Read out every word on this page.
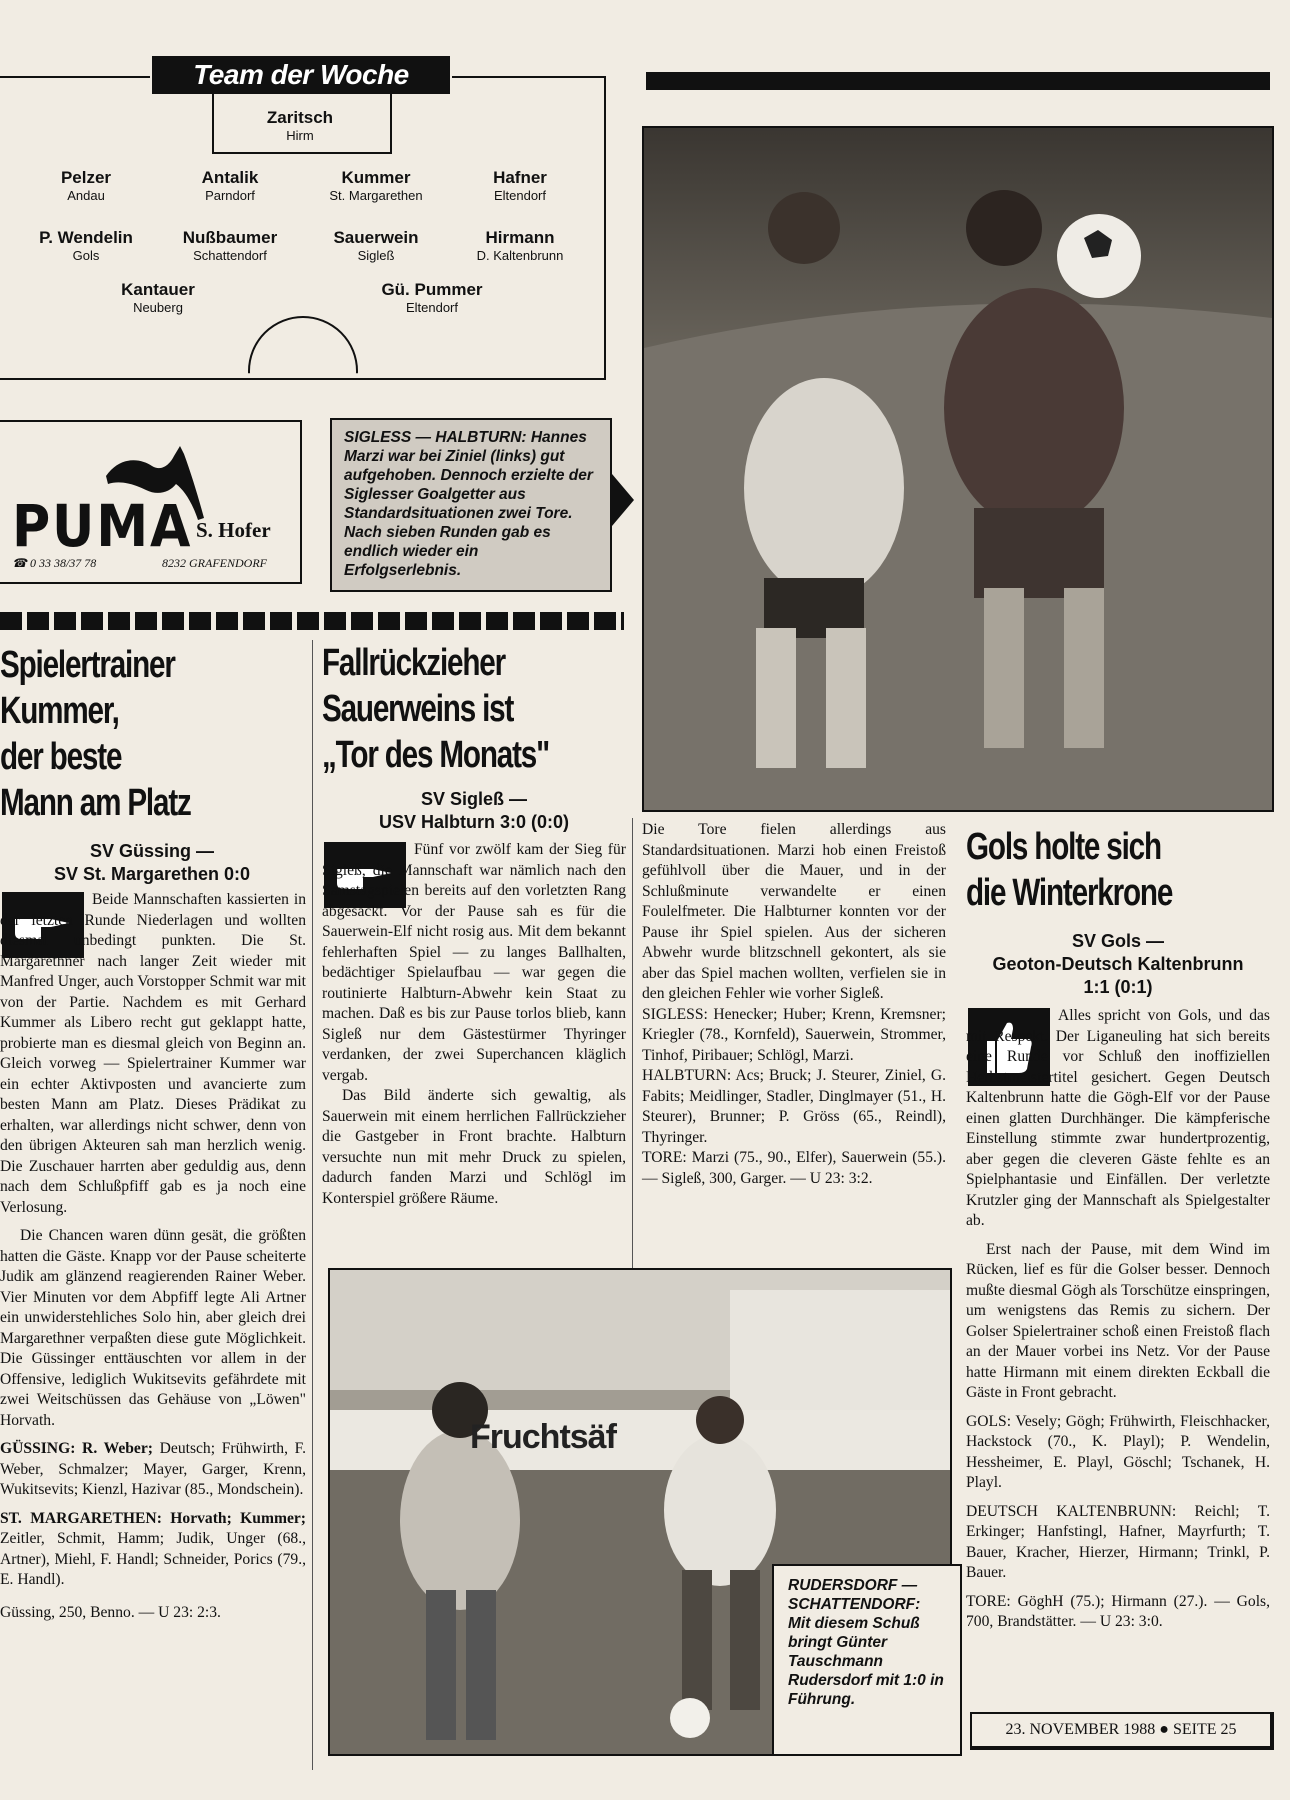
Team der Woche
Zaritsch
Hirm
Pelzer
Andau
Antalik
Parndorf
Kummer
St. Margarethen
Hafner
Eltendorf
P. Wendelin
Gols
Nußbaumer
Schattendorf
Sauerwein
Sigleß
Hirmann
D. Kaltenbrunn
Kantauer
Neuberg
Gü. Pummer
Eltendorf
PUMA S. Hofer
☎ 0 33 38/37 78	8232 GRAFENDORF
SIGLESS — HALBTURN: Hannes Marzi war bei Ziniel (links) gut aufgehoben. Dennoch erzielte der Siglesser Goalgetter aus Standardsituationen zwei Tore. Nach sieben Runden gab es endlich wieder ein Erfolgserlebnis.
Spielertrainer
Kummer,
der beste
Mann am Platz
SV Güssing —
SV St. Margarethen 0:0

Beide Mannschaften kassierten in der letzten Runde Niederlagen und wollten diesmal unbedingt punkten. Die St. Margarethner nach langer Zeit wieder mit Manfred Unger, auch Vorstopper Schmit war mit von der Partie. Nachdem es mit Gerhard Kummer als Libero recht gut geklappt hatte, probierte man es diesmal gleich von Beginn an. Gleich vorweg — Spielertrainer Kummer war ein echter Aktivposten und avancierte zum besten Mann am Platz. Dieses Prädikat zu erhalten, war allerdings nicht schwer, denn von den übrigen Akteuren sah man herzlich wenig. Die Zuschauer harrten aber geduldig aus, denn nach dem Schlußpfiff gab es ja noch eine Verlosung.

Die Chancen waren dünn gesät, die größten hatten die Gäste. Knapp vor der Pause scheiterte Judik am glänzend reagierenden Rainer Weber. Vier Minuten vor dem Abpfiff legte Ali Artner ein unwiderstehliches Solo hin, aber gleich drei Margarethner verpaßten diese gute Möglichkeit. Die Güssinger enttäuschten vor allem in der Offensive, lediglich Wukitsevits gefährdete mit zwei Weitschüssen das Gehäuse von „Löwen" Horvath.

GÜSSING: R. Weber; Deutsch; Frühwirth, F. Weber, Schmalzer; Mayer, Garger, Krenn, Wukitsevits; Kienzl, Hazivar (85., Mondschein).

ST. MARGARETHEN: Horvath; Kummer; Zeitler, Schmit, Hamm; Judik, Unger (68., Artner), Miehl, F. Handl; Schneider, Porics (79., E. Handl).

Güssing, 250, Benno. — U 23: 2:3.

Fallrückzieher
Sauerweins ist
„Tor des Monats"
SV Sigleß —
USV Halbturn 3:0 (0:0)

Fünf vor zwölf kam der Sieg für Sigleß, die Mannschaft war nämlich nach den Samstagspielen bereits auf den vorletzten Rang abgesackt. Vor der Pause sah es für die Sauerwein-Elf nicht rosig aus. Mit dem bekannt fehlerhaften Spiel — zu langes Ballhalten, bedächtiger Spielaufbau — war gegen die routinierte Halbturn-Abwehr kein Staat zu machen. Daß es bis zur Pause torlos blieb, kann Sigleß nur dem Gästestürmer Thyringer verdanken, der zwei Superchancen kläglich vergab.

Das Bild änderte sich gewaltig, als Sauerwein mit einem herrlichen Fallrückzieher die Gastgeber in Front brachte. Halbturn versuchte nun mit mehr Druck zu spielen, dadurch fanden Marzi und Schlögl im Konterspiel größere Räume.

Die Tore fielen allerdings aus Standardsituationen. Marzi hob einen Freistoß gefühlvoll über die Mauer, und in der Schlußminute verwandelte er einen Foulelfmeter. Die Halbturner konnten vor der Pause ihr Spiel spielen. Aus der sicheren Abwehr wurde blitzschnell gekontert, als sie aber das Spiel machen wollten, verfielen sie in den gleichen Fehler wie vorher Sigleß.

SIGLESS: Henecker; Huber; Krenn, Kremsner; Kriegler (78., Kornfeld), Sauerwein, Strommer, Tinhof, Piribauer; Schlögl, Marzi.

HALBTURN: Acs; Bruck; J. Steurer, Ziniel, G. Fabits; Meidlinger, Stadler, Dinglmayer (51., H. Steurer), Brunner; P. Gröss (65., Reindl), Thyringer.

TORE: Marzi (75., 90., Elfer), Sauerwein (55.). — Sigleß, 300, Garger. — U 23: 3:2.

Fruchtsäf
RUDERSDORF — SCHATTENDORF: Mit diesem Schuß bringt Günter Tauschmann Rudersdorf mit 1:0 in Führung.
Gols holte sich
die Winterkrone
SV Gols —
Geoton-Deutsch Kaltenbrunn
1:1 (0:1)

Alles spricht von Gols, und das mit Respekt. Der Liganeuling hat sich bereits eine Runde vor Schluß den inoffiziellen Herbstmeistertitel gesichert. Gegen Deutsch Kaltenbrunn hatte die Gögh-Elf vor der Pause einen glatten Durchhänger. Die kämpferische Einstellung stimmte zwar hundertprozentig, aber gegen die cleveren Gäste fehlte es an Spielphantasie und Einfällen. Der verletzte Krutzler ging der Mannschaft als Spielgestalter ab.

Erst nach der Pause, mit dem Wind im Rücken, lief es für die Golser besser. Dennoch mußte diesmal Gögh als Torschütze einspringen, um wenigstens das Remis zu sichern. Der Golser Spielertrainer schoß einen Freistoß flach an der Mauer vorbei ins Netz. Vor der Pause hatte Hirmann mit einem direkten Eckball die Gäste in Front gebracht.

GOLS: Vesely; Gögh; Frühwirth, Fleischhacker, Hackstock (70., K. Playl); P. Wendelin, Hessheimer, E. Playl, Göschl; Tschanek, H. Playl.

DEUTSCH KALTENBRUNN: Reichl; T. Erkinger; Hanfstingl, Hafner, Mayrfurth; T. Bauer, Kracher, Hierzer, Hirmann; Trinkl, P. Bauer.

TORE: GöghH (75.); Hirmann (27.). — Gols, 700, Brandstätter. — U 23: 3:0.

23. NOVEMBER 1988 ● SEITE 25
